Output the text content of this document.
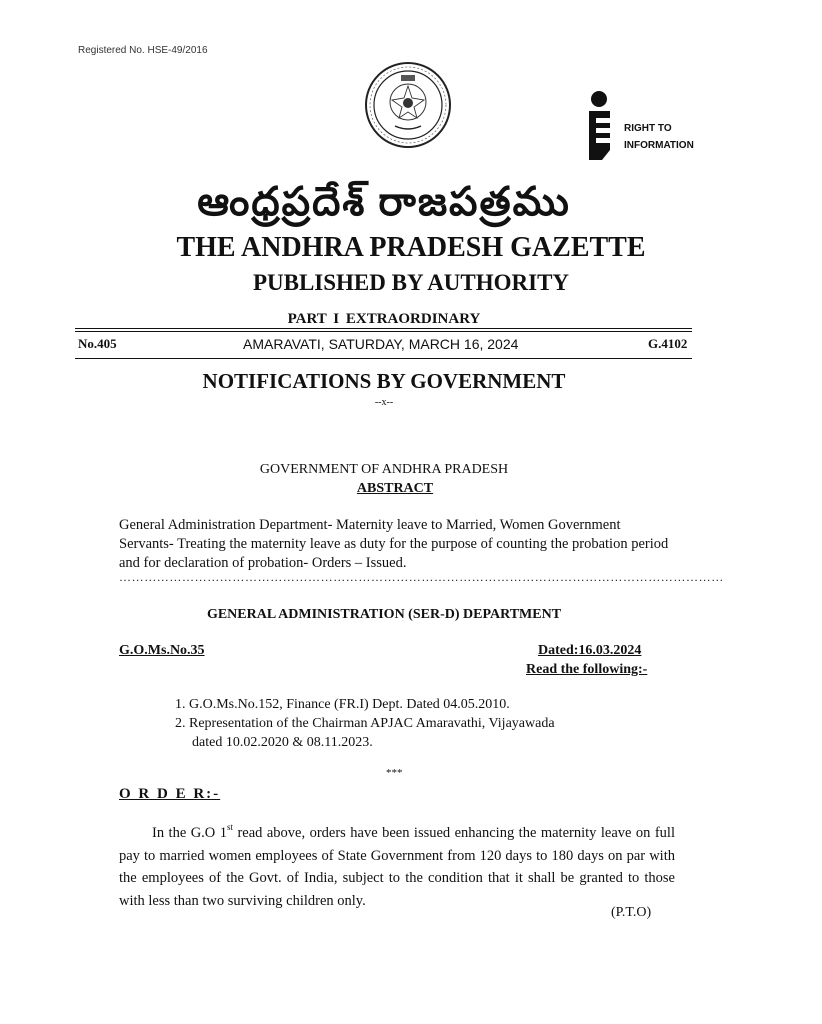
Registered No. HSE-49/2016
RIGHT TO
INFORMATION
ఆంధ్రప్రదేశ్ రాజపత్రము
THE ANDHRA PRADESH GAZETTE
PUBLISHED BY AUTHORITY
PART I EXTRAORDINARY
No.405	AMARAVATI, SATURDAY, MARCH 16, 2024	G.4102
NOTIFICATIONS BY GOVERNMENT
--x--
GOVERNMENT OF ANDHRA PRADESH
ABSTRACT
General Administration Department- Maternity leave to Married, Women Government Servants- Treating the maternity leave as duty for the purpose of counting the probation period and for declaration of probation- Orders – Issued.
………………………………………………………………………………………………………………………………
GENERAL ADMINISTRATION (SER-D) DEPARTMENT
G.O.Ms.No.35	Dated:16.03.2024
Read the following:-
1. G.O.Ms.No.152, Finance (FR.I) Dept. Dated 04.05.2010.
2. Representation of the Chairman APJAC Amaravathi, Vijayawada
dated 10.02.2020 & 08.11.2023.
***
O R D E R:-
In the G.O 1st read above, orders have been issued enhancing the maternity leave on full pay to married women employees of State Government from 120 days to 180 days on par with the employees of the Govt. of India, subject to the condition that it shall be granted to those with less than two surviving children only.
(P.T.O)
